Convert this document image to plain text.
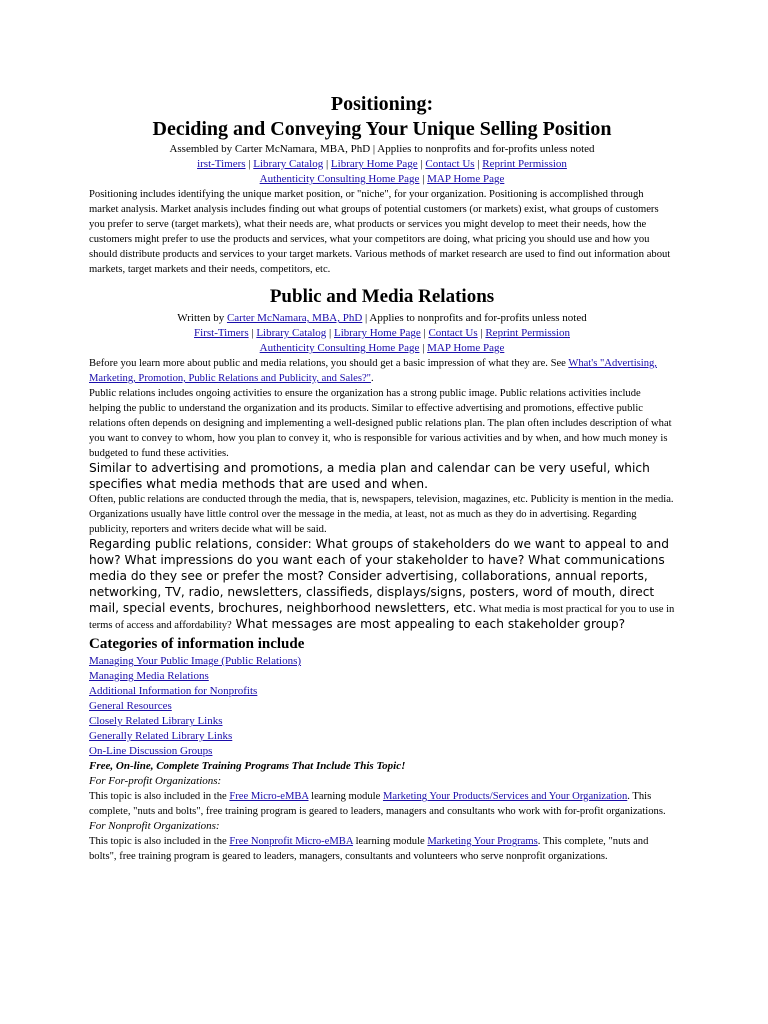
Positioning:
Deciding and Conveying Your Unique Selling Position
Assembled by Carter McNamara, MBA, PhD | Applies to nonprofits and for-profits unless noted
irst-Timers | Library Catalog | Library Home Page | Contact Us | Reprint Permission
Authenticity Consulting Home Page | MAP Home Page

Positioning includes identifying the unique market position, or "niche", for your organization. Positioning is accomplished through market analysis. Market analysis includes finding out what groups of potential customers (or markets) exist, what groups of customers you prefer to serve (target markets), what their needs are, what products or services you might develop to meet their needs, how the customers might prefer to use the products and services, what your competitors are doing, what pricing you should use and how you should distribute products and services to your target markets. Various methods of market research are used to find out information about markets, target markets and their needs, competitors, etc.

Public and Media Relations
Written by Carter McNamara, MBA, PhD | Applies to nonprofits and for-profits unless noted
First-Timers | Library Catalog | Library Home Page | Contact Us | Reprint Permission
Authenticity Consulting Home Page | MAP Home Page

Before you learn more about public and media relations, you should get a basic impression of what they are. See What's "Advertising, Marketing, Promotion, Public Relations and Publicity, and Sales?".

Public relations includes ongoing activities to ensure the organization has a strong public image. Public relations activities include helping the public to understand the organization and its products. Similar to effective advertising and promotions, effective public relations often depends on designing and implementing a well-designed public relations plan. The plan often includes description of what you want to convey to whom, how you plan to convey it, who is responsible for various activities and by when, and how much money is budgeted to fund these activities.

Similar to advertising and promotions, a media plan and calendar can be very useful, which specifies what media methods that are used and when.

Often, public relations are conducted through the media, that is, newspapers, television, magazines, etc. Publicity is mention in the media. Organizations usually have little control over the message in the media, at least, not as much as they do in advertising. Regarding publicity, reporters and writers decide what will be said.

Regarding public relations, consider: What groups of stakeholders do we want to appeal to and how? What impressions do you want each of your stakeholder to have? What communications media do they see or prefer the most? Consider advertising, collaborations, annual reports, networking, TV, radio, newsletters, classifieds, displays/signs, posters, word of mouth, direct mail, special events, brochures, neighborhood newsletters, etc. What media is most practical for you to use in terms of access and affordability? What messages are most appealing to each stakeholder group?

Categories of information include
Managing Your Public Image (Public Relations)
Managing Media Relations
Additional Information for Nonprofits
General Resources
Closely Related Library Links
Generally Related Library Links
On-Line Discussion Groups
Free, On-line, Complete Training Programs That Include This Topic!
For For-profit Organizations:

This topic is also included in the Free Micro-eMBA learning module Marketing Your Products/Services and Your Organization. This complete, "nuts and bolts", free training program is geared to leaders, managers and consultants who work with for-profit organizations.

For Nonprofit Organizations:

This topic is also included in the Free Nonprofit Micro-eMBA learning module Marketing Your Programs. This complete, "nuts and bolts", free training program is geared to leaders, managers, consultants and volunteers who serve nonprofit organizations.
